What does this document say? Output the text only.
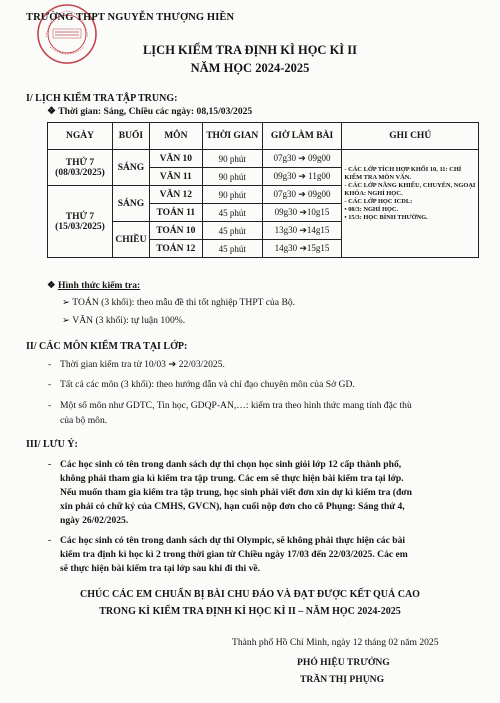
TRƯỜNG THPT NGUYỄN THƯỢNG HIỀN
LỊCH KIỂM TRA ĐỊNH KÌ HỌC KÌ II
NĂM HỌC 2024-2025
I/ LỊCH KIỂM TRA TẬP TRUNG:
❖ Thời gian: Sáng, Chiều các ngày: 08,15/03/2025
NGÀY	BUỔI	MÔN	THỜI GIAN	GIỜ LÀM BÀI	GHI CHÚ
THỨ 7
(08/03/2025)	SÁNG	VĂN 10	90 phút	07g30 ➔ 09g00	- CÁC LỚP TÍCH HỢP KHỐI 10, 11: CHỈ KIỂM TRA MÔN VĂN.
- CÁC LỚP NĂNG KHIẾU, CHUYÊN, NGOẠI KHÓA: NGHỈ HỌC.
- CÁC LỚP HỌC ICDL:
• 08/3: NGHỈ HỌC.
• 15/3: HỌC BÌNH THƯỜNG.

		VĂN 11	90 phút	09g30 ➔ 11g00	
THỨ 7
(15/03/2025)	SÁNG	VĂN 12	90 phút	07g30 ➔ 09g00	
		TOÁN 11	45 phút	09g30 ➔10g15	
	CHIỀU	TOÁN 10	45 phút	13g30 ➔14g15	
		TOÁN 12	45 phút	14g30 ➔15g15	
❖ Hình thức kiểm tra:
➢ TOÁN (3 khối): theo mẫu đề thi tốt nghiệp THPT của Bộ.
➢ VĂN (3 khối): tự luận 100%.
II/ CÁC MÔN KIỂM TRA TẠI LỚP:
- Thời gian kiểm tra từ 10/03 ➔ 22/03/2025.
- Tất cả các môn (3 khối): theo hướng dẫn và chỉ đạo chuyên môn của Sở GD.
- Một số môn như GDTC, Tin học, GDQP-AN,…: kiểm tra theo hình thức mang tính đặc thù
của bộ môn.
III/ LƯU Ý:
- Các học sinh có tên trong danh sách dự thi chọn học sinh giỏi lớp 12 cấp thành phố,
không phải tham gia kì kiểm tra tập trung. Các em sẽ thực hiện bài kiểm tra tại lớp.
Nếu muốn tham gia kiểm tra tập trung, học sinh phải viết đơn xin dự kì kiểm tra (đơn
xin phải có chữ ký của CMHS, GVCN), hạn cuối nộp đơn cho cô Phụng: Sáng thứ 4,
ngày 26/02/2025.
- Các học sinh có tên trong danh sách dự thi Olympic, sẽ không phải thực hiện các bài
kiểm tra định kì học kì 2 trong thời gian từ Chiều ngày 17/03 đến 22/03/2025. Các em
sẽ thực hiện bài kiểm tra tại lớp sau khi đi thi về.
CHÚC CÁC EM CHUẨN BỊ BÀI CHU ĐÁO VÀ ĐẠT ĐƯỢC KẾT QUẢ CAO
TRONG KÌ KIỂM TRA ĐỊNH KÌ HỌC KÌ II – NĂM HỌC 2024-2025
Thành phố Hồ Chí Minh, ngày 12 tháng 02 năm 2025
PHÓ HIỆU TRƯỞNG
TRẦN THỊ PHỤNG
